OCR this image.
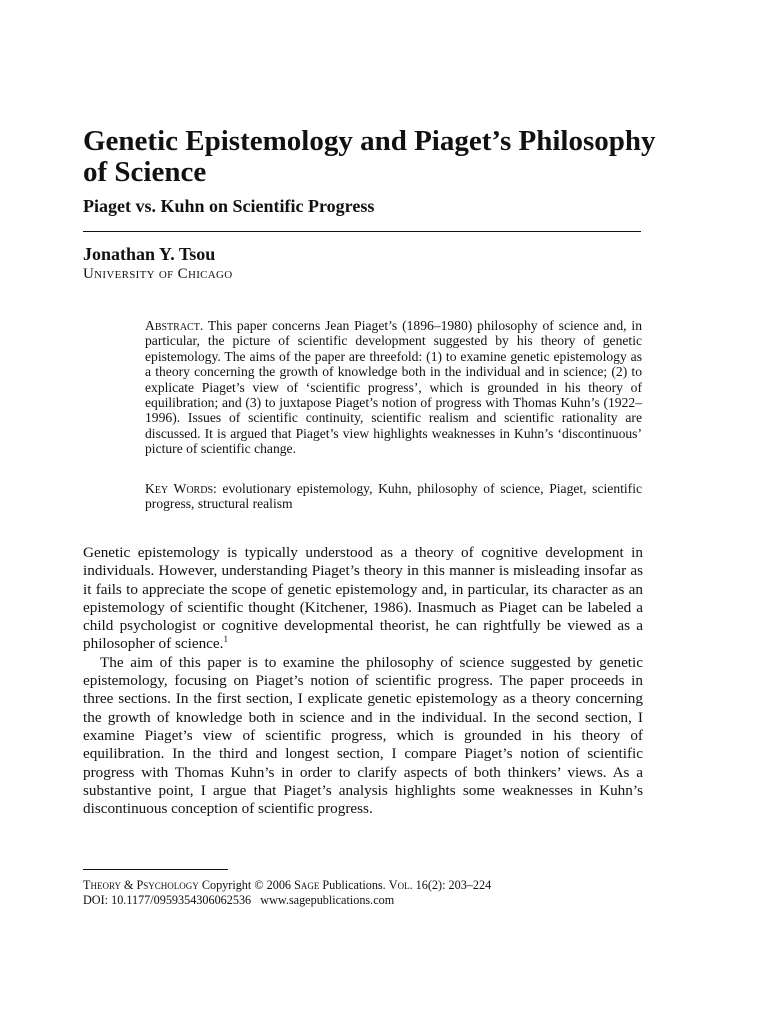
Genetic Epistemology and Piaget’s Philosophy of Science
Piaget vs. Kuhn on Scientific Progress
Jonathan Y. Tsou
University of Chicago

Abstract. This paper concerns Jean Piaget’s (1896–1980) philosophy of science and, in particular, the picture of scientific development suggested by his theory of genetic epistemology. The aims of the paper are threefold: (1) to examine genetic epistemology as a theory concerning the growth of knowledge both in the individual and in science; (2) to explicate Piaget’s view of ‘scientific progress’, which is grounded in his theory of equilibration; and (3) to juxtapose Piaget’s notion of progress with Thomas Kuhn’s (1922–1996). Issues of scientific continuity, scientific realism and scientific rationality are discussed. It is argued that Piaget’s view highlights weaknesses in Kuhn’s ‘discontinuous’ picture of scientific change.

Key Words: evolutionary epistemology, Kuhn, philosophy of science, Piaget, scientific progress, structural realism

Genetic epistemology is typically understood as a theory of cognitive development in individuals. However, understanding Piaget’s theory in this manner is misleading insofar as it fails to appreciate the scope of genetic epistemology and, in particular, its character as an epistemology of scientific thought (Kitchener, 1986). Inasmuch as Piaget can be labeled a child psychologist or cognitive developmental theorist, he can rightfully be viewed as a philosopher of science.$^1$

The aim of this paper is to examine the philosophy of science suggested by genetic epistemology, focusing on Piaget’s notion of scientific progress. The paper proceeds in three sections. In the first section, I explicate genetic epistemology as a theory concerning the growth of knowledge both in science and in the individual. In the second section, I examine Piaget’s view of scientific progress, which is grounded in his theory of equilibration. In the third and longest section, I compare Piaget’s notion of scientific progress with Thomas Kuhn’s in order to clarify aspects of both thinkers’ views. As a substantive point, I argue that Piaget’s analysis highlights some weaknesses in Kuhn’s discontinuous conception of scientific progress.

Theory & Psychology Copyright © 2006 Sage Publications. Vol. 16(2): 203–224
DOI: 10.1177/0959354306062536 www.sagepublications.com
